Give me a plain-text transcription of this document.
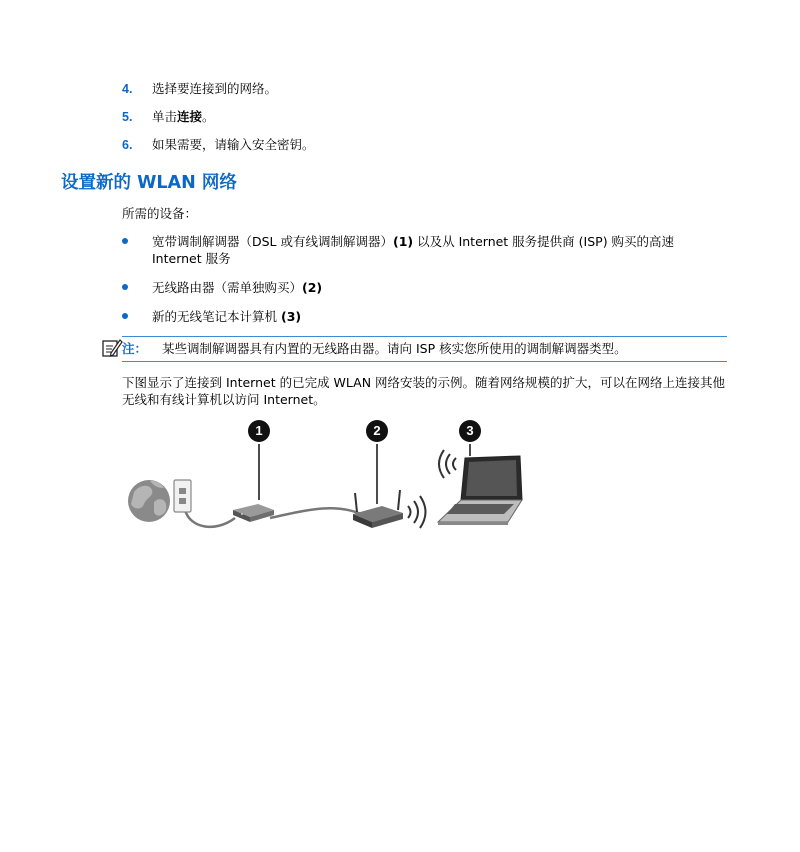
4. 选择要连接到的网络。
5. 单击连接。
6. 如果需要，请输入安全密钥。
设置新的 WLAN 网络
所需的设备：
宽带调制解调器（DSL 或有线调制解调器）(1) 以及从 Internet 服务提供商 (ISP) 购买的高速 Internet 服务
无线路由器（需单独购买）(2)
新的无线笔记本计算机 (3)
注： 某些调制解调器具有内置的无线路由器。请向 ISP 核实您所使用的调制解调器类型。
下图显示了连接到 Internet 的已完成 WLAN 网络安装的示例。随着网络规模的扩大，可以在网络上连接其他无线和有线计算机以访问 Internet。
1	2	3
